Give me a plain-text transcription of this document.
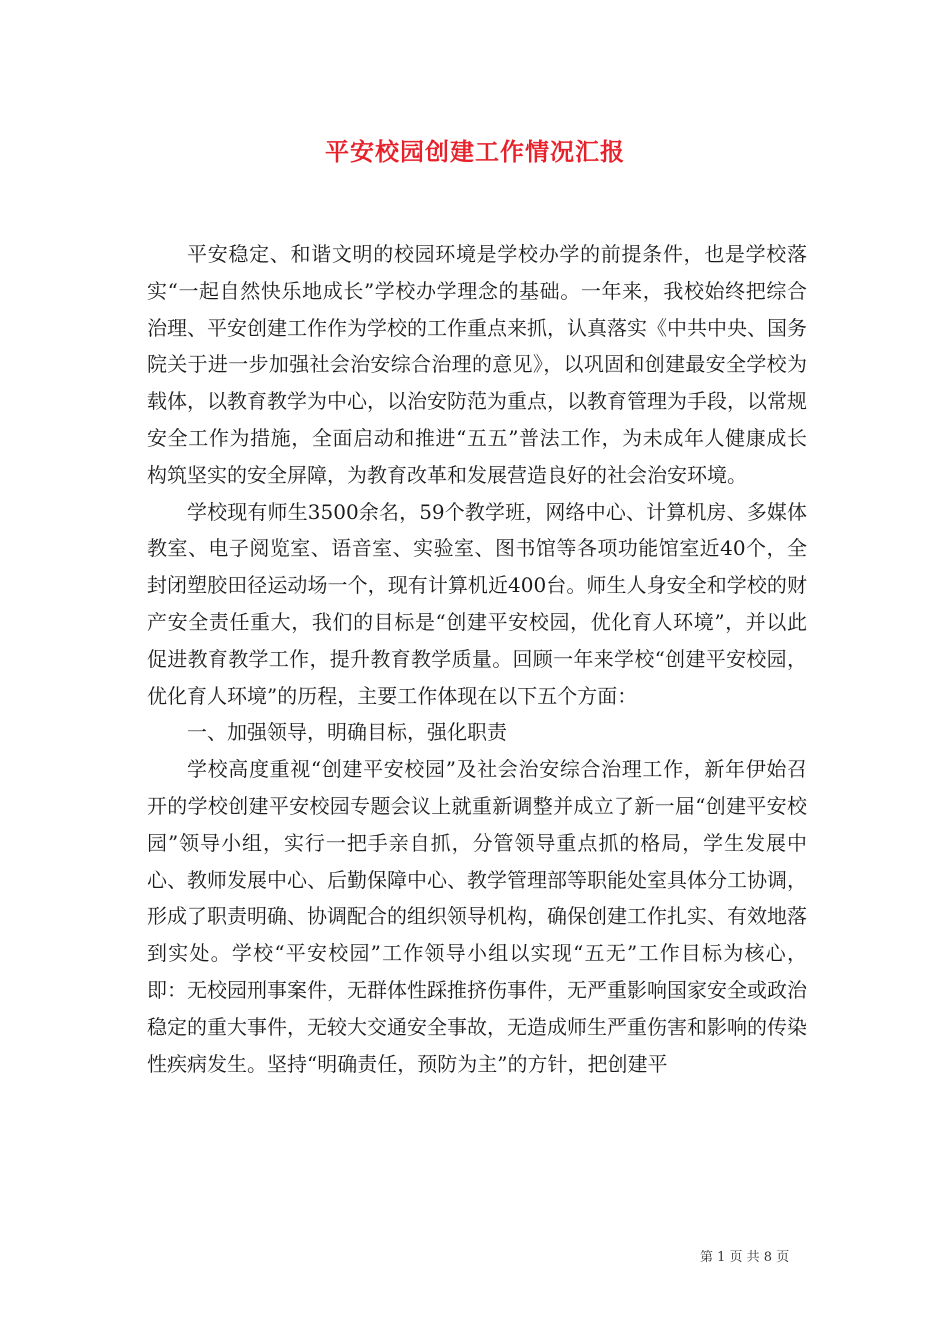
平安校园创建工作情况汇报

平安稳定、和谐文明的校园环境是学校办学的前提条件，也是学校落实“一起自然快乐地成长”学校办学理念的基础。一年来，我校始终把综合治理、平安创建工作作为学校的工作重点来抓，认真落实《中共中央、国务院关于进一步加强社会治安综合治理的意见》，以巩固和创建最安全学校为载体，以教育教学为中心，以治安防范为重点，以教育管理为手段，以常规安全工作为措施，全面启动和推进“五五”普法工作，为未成年人健康成长构筑坚实的安全屏障，为教育改革和发展营造良好的社会治安环境。

学校现有师生3500余名，59个教学班，网络中心、计算机房、多媒体教室、电子阅览室、语音室、实验室、图书馆等各项功能馆室近40个，全封闭塑胶田径运动场一个，现有计算机近400台。师生人身安全和学校的财产安全责任重大，我们的目标是“创建平安校园，优化育人环境”，并以此促进教育教学工作，提升教育教学质量。回顾一年来学校“创建平安校园，优化育人环境”的历程，主要工作体现在以下五个方面：

一、加强领导，明确目标，强化职责

学校高度重视“创建平安校园”及社会治安综合治理工作，新年伊始召开的学校创建平安校园专题会议上就重新调整并成立了新一届“创建平安校园”领导小组，实行一把手亲自抓，分管领导重点抓的格局，学生发展中心、教师发展中心、后勤保障中心、教学管理部等职能处室具体分工协调，形成了职责明确、协调配合的组织领导机构，确保创建工作扎实、有效地落到实处。学校“平安校园”工作领导小组以实现“五无”工作目标为核心，即：无校园刑事案件，无群体性踩推挤伤事件，无严重影响国家安全或政治稳定的重大事件，无较大交通安全事故，无造成师生严重伤害和影响的传染性疾病发生。坚持“明确责任，预防为主”的方针，把创建平

第 1 页 共 8 页
